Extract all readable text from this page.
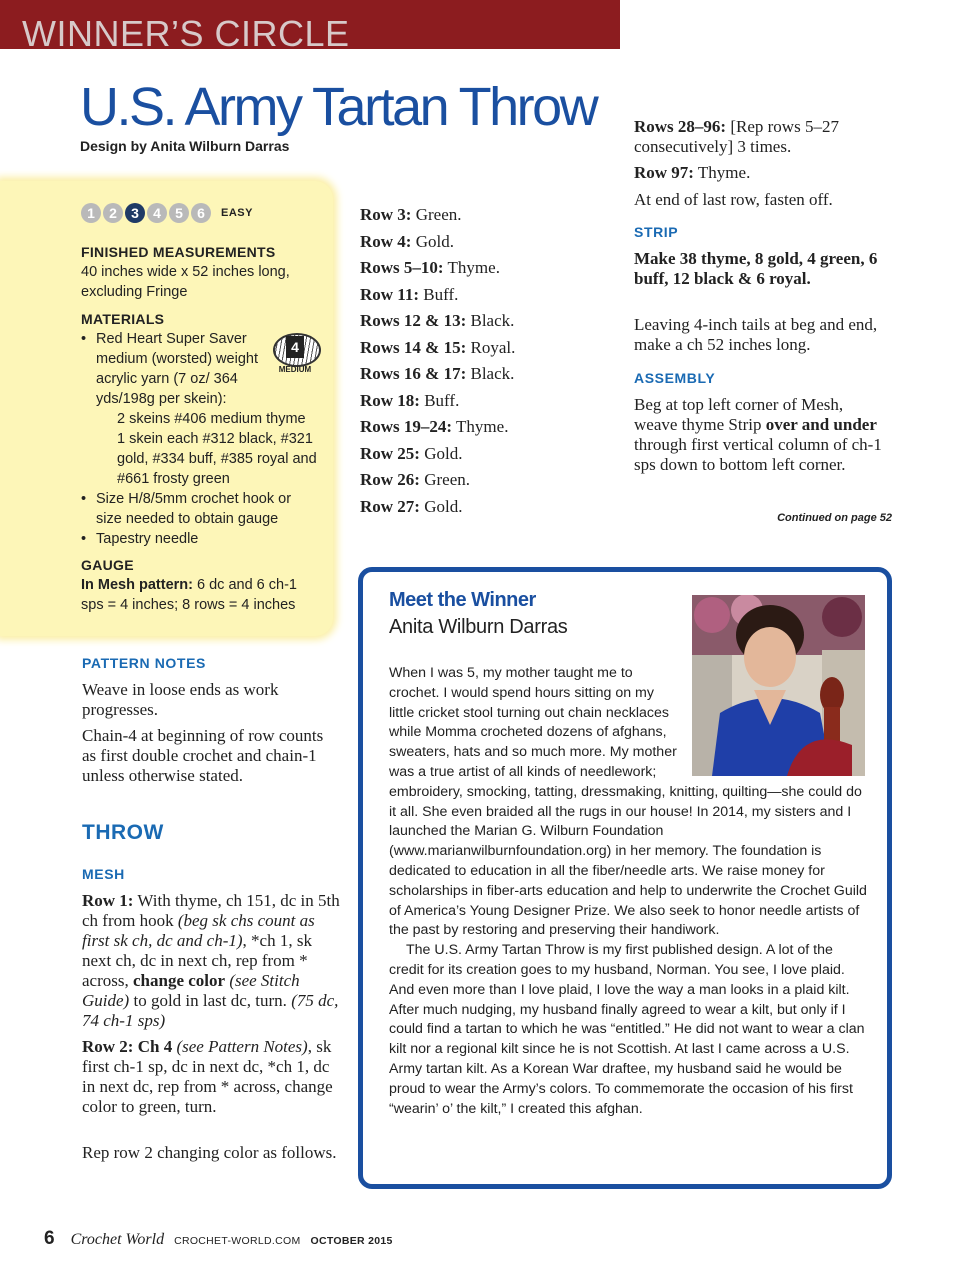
WINNER’S CIRCLE
U.S. Army Tartan Throw
Design by Anita Wilburn Darras
1	2	3	4	5	6	EASY
FINISHED MEASUREMENTS
40 inches wide x 52 inches long, excluding Fringe
MATERIALS
• Red Heart Super Saver medium (worsted) weight acrylic yarn (7 oz/ 364 yds/198g per skein):
2 skeins #406 medium thyme
1 skein each #312 black, #321 gold, #334 buff, #385 royal and #661 frosty green
• Size H/8/5mm crochet hook or size needed to obtain gauge
• Tapestry needle
4
MEDIUM
GAUGE
In Mesh pattern: 6 dc and 6 ch-1 sps = 4 inches; 8 rows = 4 inches
PATTERN NOTES
Weave in loose ends as work progresses.
Chain-4 at beginning of row counts as first double crochet and chain-1 unless otherwise stated.
THROW
MESH
Row 1: With thyme, ch 151, dc in 5th ch from hook (beg sk chs count as first sk ch, dc and ch-1), *ch 1, sk next ch, dc in next ch, rep from * across, change color (see Stitch Guide) to gold in last dc, turn. (75 dc, 74 ch-1 sps)
Row 2: Ch 4 (see Pattern Notes), sk first ch-1 sp, dc in next dc, *ch 1, dc in next dc, rep from * across, change color to green, turn.
Rep row 2 changing color as follows.
Row 3: Green.
Row 4: Gold.
Rows 5–10: Thyme.
Row 11: Buff.
Rows 12 & 13: Black.
Rows 14 & 15: Royal.
Rows 16 & 17: Black.
Row 18: Buff.
Rows 19–24: Thyme.
Row 25: Gold.
Row 26: Green.
Row 27: Gold.
Rows 28–96: [Rep rows 5–27 consecutively] 3 times.
Row 97: Thyme.
At end of last row, fasten off.
STRIP
Make 38 thyme, 8 gold, 4 green, 6 buff, 12 black & 6 royal.
Leaving 4-inch tails at beg and end, make a ch 52 inches long.
ASSEMBLY
Beg at top left corner of Mesh, weave thyme Strip over and under through first vertical column of ch-1 sps down to bottom left corner.
Continued on page 52
Meet the Winner
Anita Wilburn Darras

When I was 5, my mother taught me to crochet. I would spend hours sitting on my little cricket stool turning out chain necklaces while Momma crocheted dozens of afghans, sweaters, hats and so much more. My mother was a true artist of all kinds of needlework; embroidery, smocking, tatting, dressmaking, knitting, quilting—she could do it all. She even braided all the rugs in our house! In 2014, my sisters and I launched the Marian G. Wilburn Foundation (www.marianwilburnfoundation.org) in her memory. The foundation is dedicated to education in all the fiber/needle arts. We raise money for scholarships in fiber-arts education and help to underwrite the Crochet Guild of America’s Young Designer Prize. We also seek to honor needle artists of the past by restoring and preserving their handiwork.

The U.S. Army Tartan Throw is my first published design. A lot of the credit for its creation goes to my husband, Norman. You see, I love plaid. And even more than I love plaid, I love the way a man looks in a plaid kilt. After much nudging, my husband finally agreed to wear a kilt, but only if I could find a tartan to which he was “entitled.” He did not want to wear a clan kilt nor a regional kilt since he is not Scottish. At last I came across a U.S. Army tartan kilt. As a Korean War draftee, my husband said he would be proud to wear the Army’s colors. To commemorate the occasion of his first “wearin’ o’ the kilt,” I created this afghan.

6 Crochet World CROCHET-WORLD.COM OCTOBER 2015
